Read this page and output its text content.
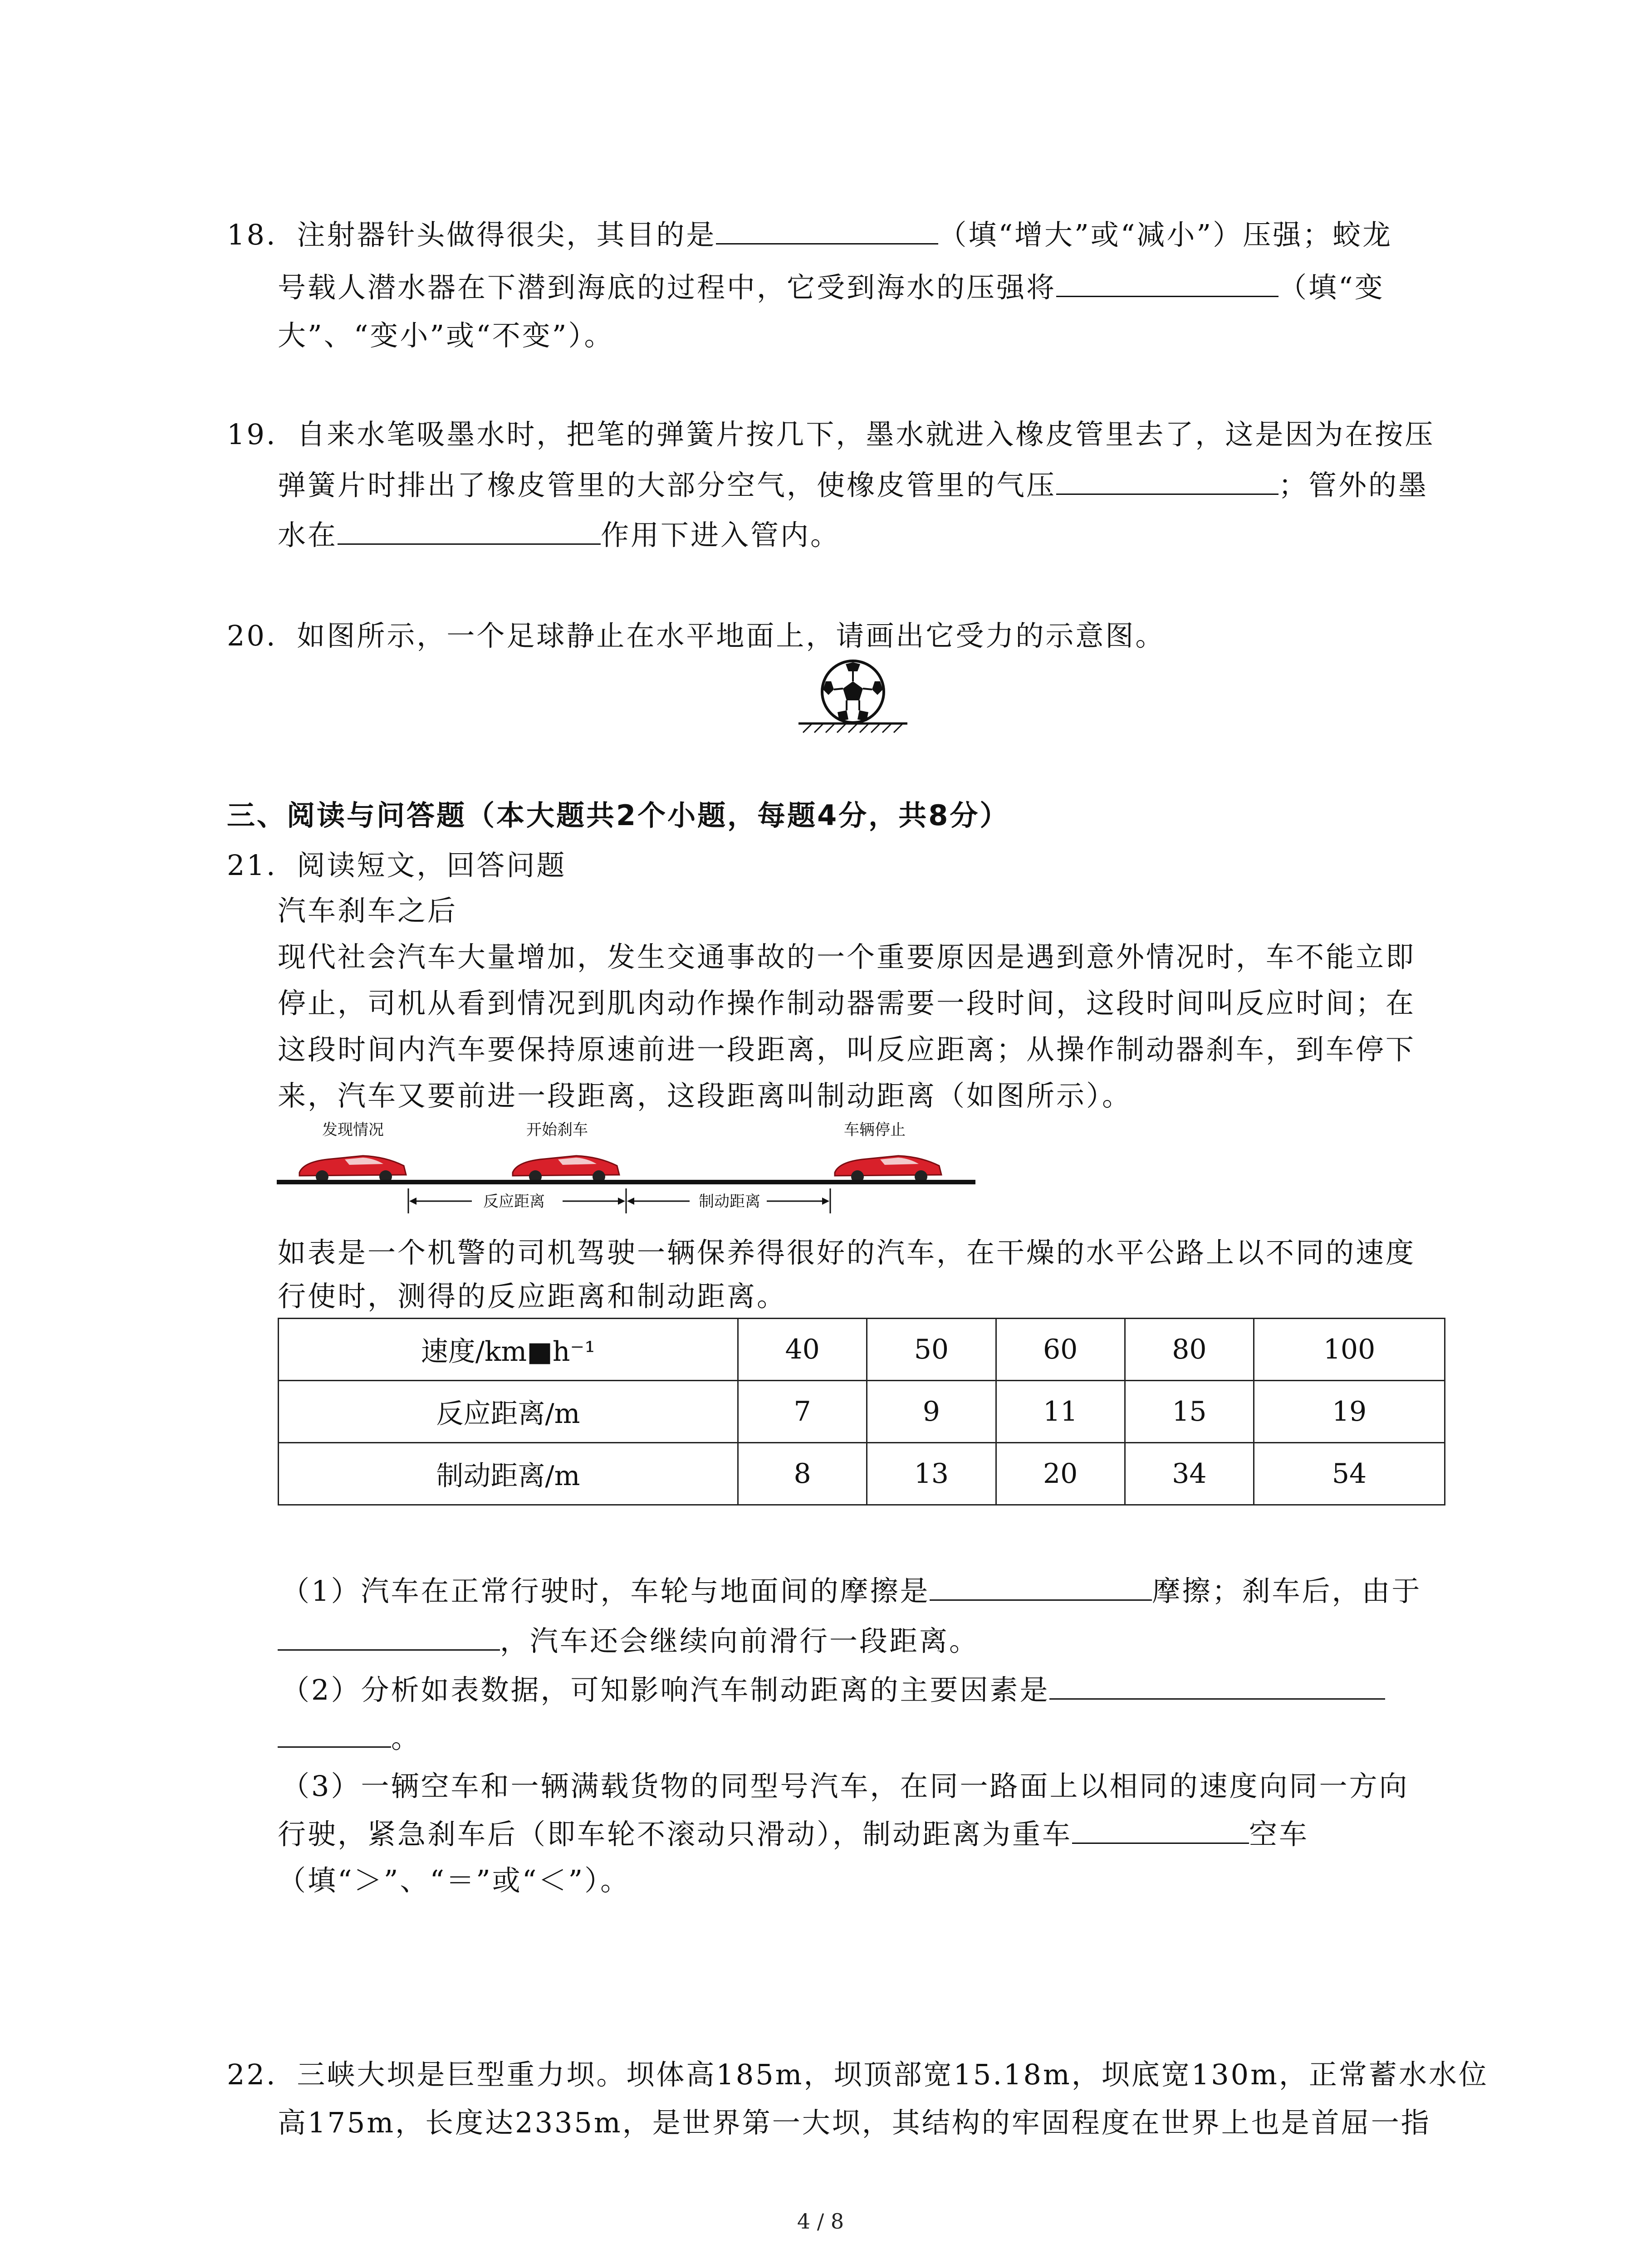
18. 注射器针头做得很尖，其目的是	（填“增大”或“减小”）压强；蛟龙
号载人潜水器在下潜到海底的过程中，它受到海水的压强将	（填“变
大”、“变小”或“不变”）。
19. 自来水笔吸墨水时，把笔的弹簧片按几下，墨水就进入橡皮管里去了，这是因为在按压
弹簧片时排出了橡皮管里的大部分空气，使橡皮管里的气压	；管外的墨
水在	作用下进入管内。
20. 如图所示，一个足球静止在水平地面上，请画出它受力的示意图。
三、阅读与问答题（本大题共2个小题，每题4分，共8分）
21. 阅读短文，回答问题
汽车刹车之后
现代社会汽车大量增加，发生交通事故的一个重要原因是遇到意外情况时，车不能立即
停止，司机从看到情况到肌肉动作操作制动器需要一段时间，这段时间叫反应时间；在
这段时间内汽车要保持原速前进一段距离，叫反应距离；从操作制动器刹车，到车停下
来，汽车又要前进一段距离，这段距离叫制动距离（如图所示）。
发现情况	开始刹车	车辆停止
反应距离	制动距离
如表是一个机警的司机驾驶一辆保养得很好的汽车，在干燥的水平公路上以不同的速度
行使时，测得的反应距离和制动距离。
速度/km■h⁻¹	40	50	60	80	100
反应距离/m	7	9	11	15	19
制动距离/m	8	13	20	34	54
（1）汽车在正常行驶时，车轮与地面间的摩擦是	摩擦；刹车后，由于
，汽车还会继续向前滑行一段距离。
（2）分析如表数据，可知影响汽车制动距离的主要因素是
。
（3）一辆空车和一辆满载货物的同型号汽车，在同一路面上以相同的速度向同一方向
行驶，紧急刹车后（即车轮不滚动只滑动），制动距离为重车	空车
（填“＞”、“＝”或“＜”）。
22. 三峡大坝是巨型重力坝。坝体高185m，坝顶部宽15.18m，坝底宽130m，正常蓄水水位
高175m，长度达2335m，是世界第一大坝，其结构的牢固程度在世界上也是首屈一指
4 / 8
